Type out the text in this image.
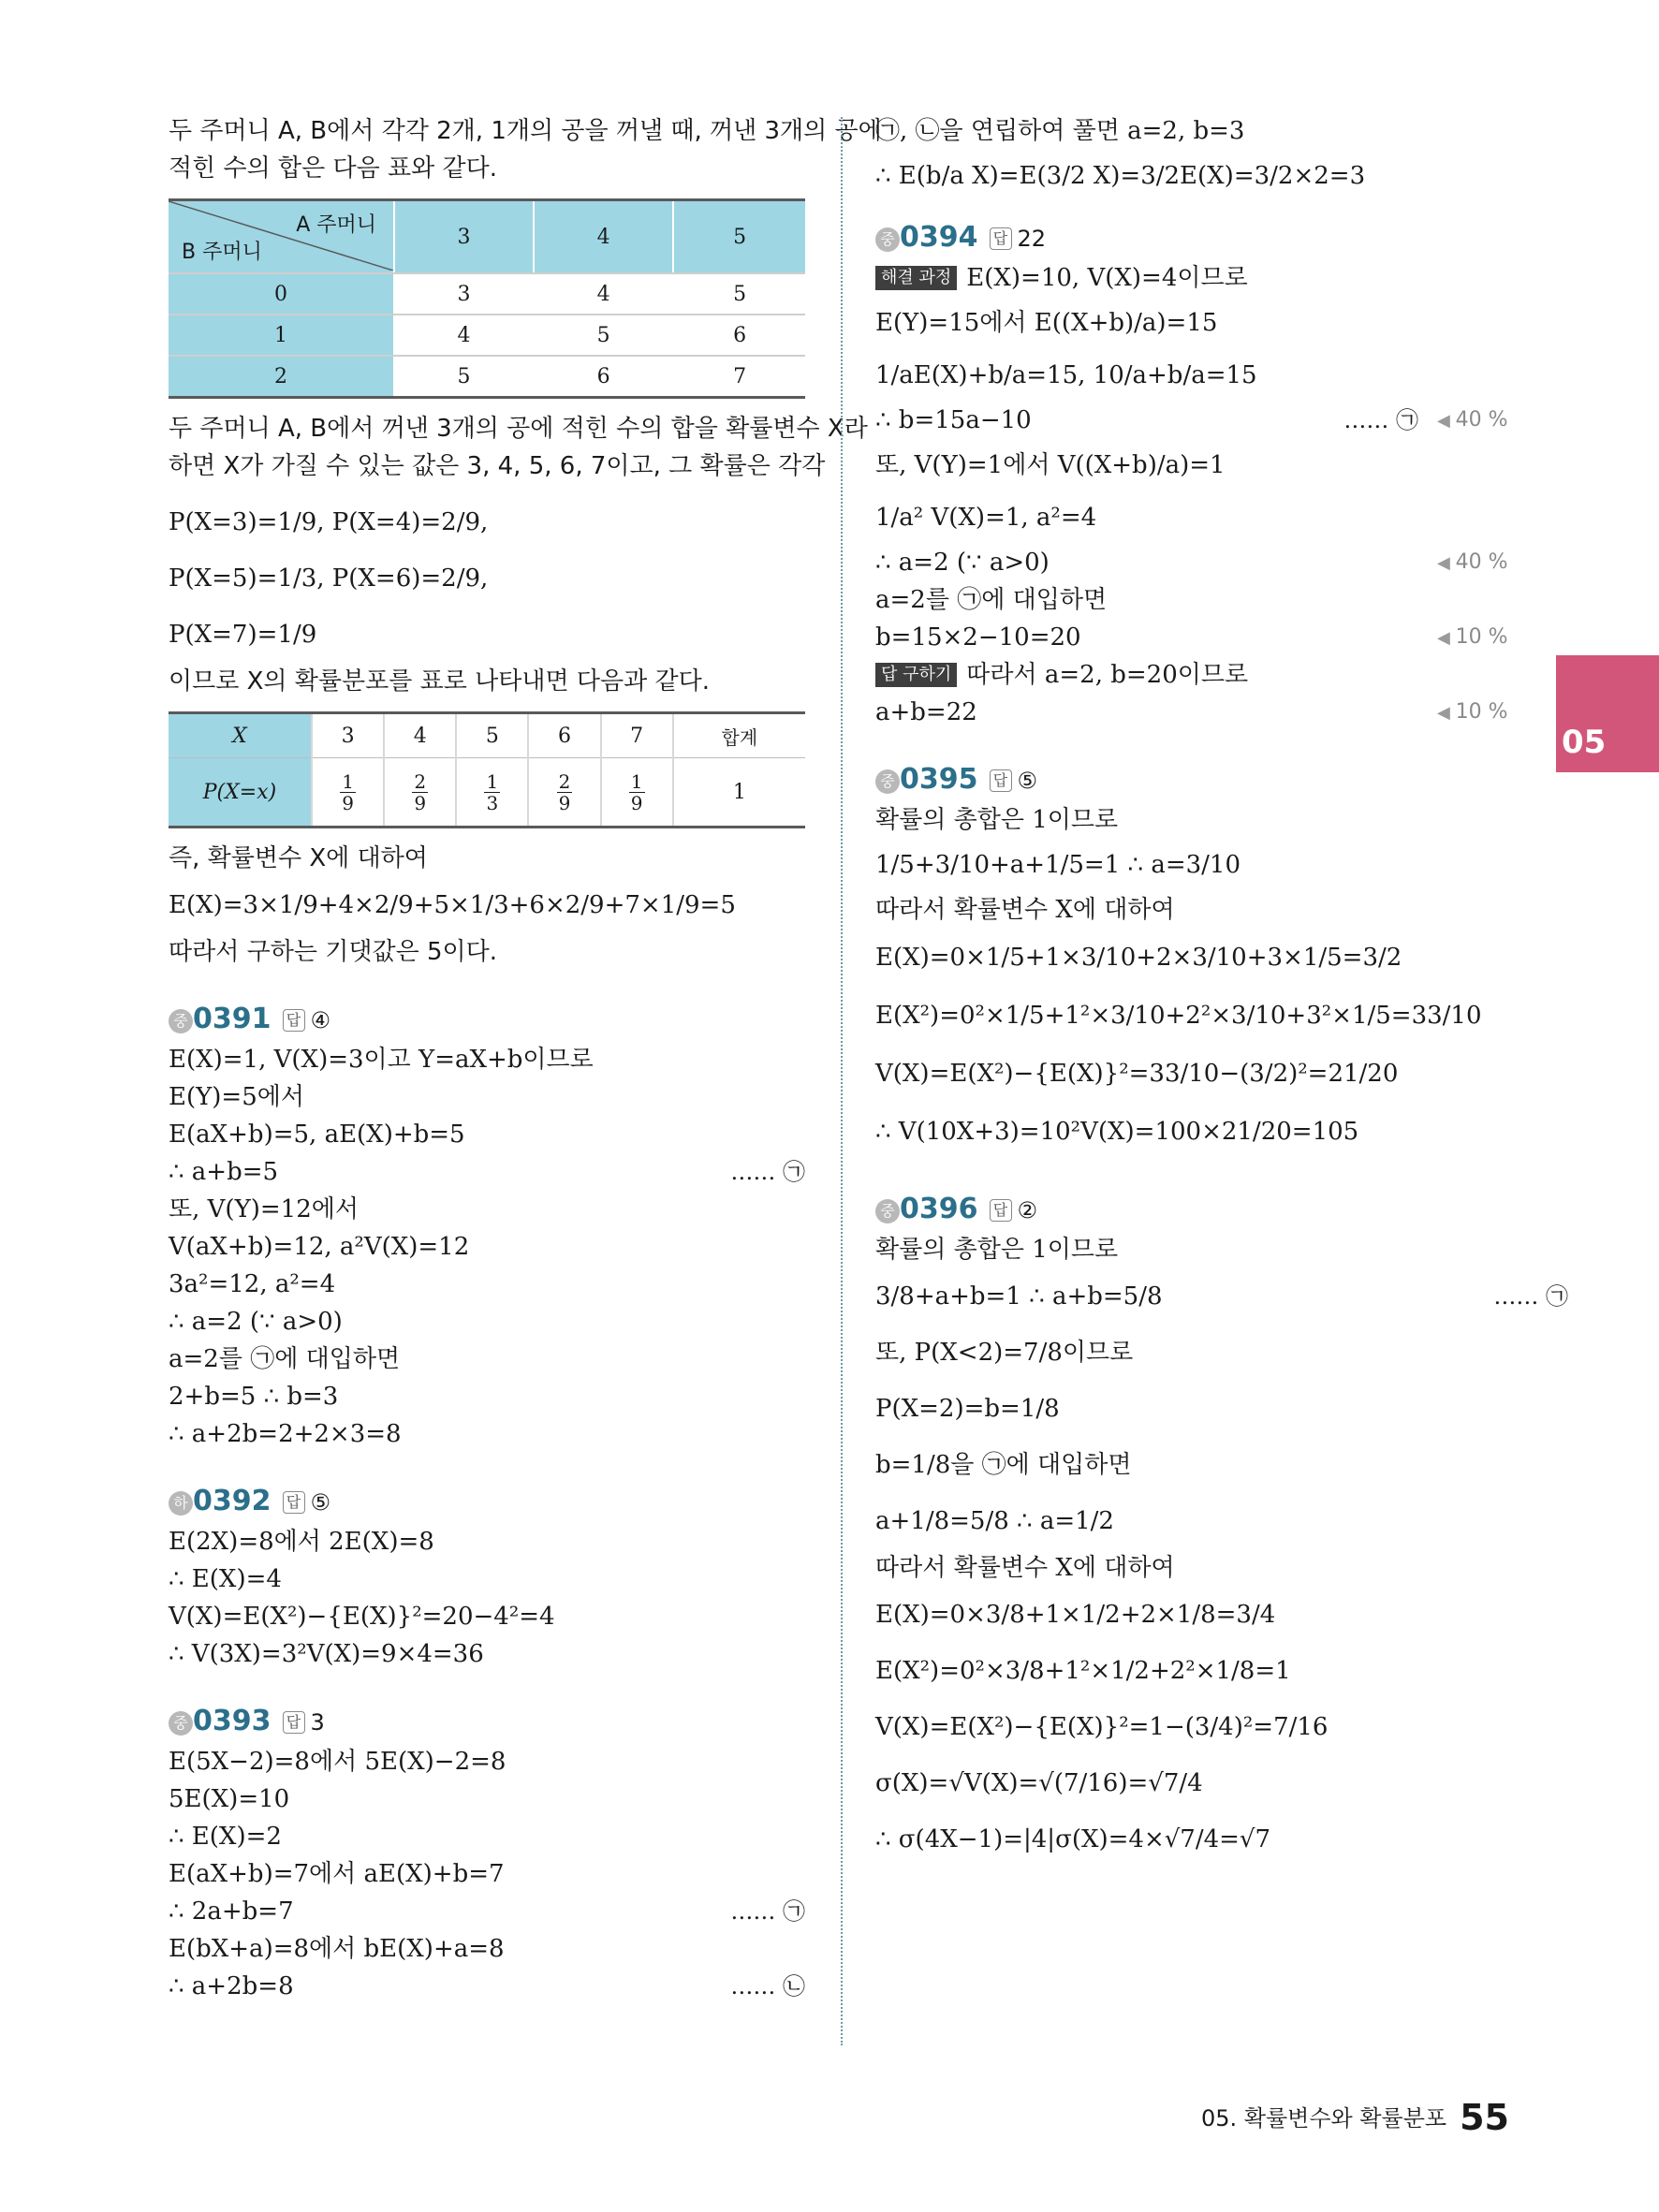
두 주머니 A, B에서 각각 2개, 1개의 공을 꺼낼 때, 꺼낸 3개의 공에
적힌 수의 합은 다음 표와 같다.
A 주머니
B 주머니	3	4	5
0	3	4	5
1	4	5	6
2	5	6	7
두 주머니 A, B에서 꺼낸 3개의 공에 적힌 수의 합을 확률변수 X라
하면 X가 가질 수 있는 값은 3, 4, 5, 6, 7이고, 그 확률은 각각
P(X=3)=1/9, P(X=4)=2/9,
P(X=5)=1/3, P(X=6)=2/9,
P(X=7)=1/9
이므로 X의 확률분포를 표로 나타내면 다음과 같다.
X	3	4	5	6	7	합계
P(X=x)	$\frac{1}{9}$	$\frac{2}{9}$	$\frac{1}{3}$	$\frac{2}{9}$	$\frac{1}{9}$	1
즉, 확률변수 X에 대하여
E(X)=3×1/9+4×2/9+5×1/3+6×2/9+7×1/9=5
따라서 구하는 기댓값은 5이다.
중 0391 답 ④
E(X)=1, V(X)=3이고 Y=aX+b이므로
E(Y)=5에서
E(aX+b)=5, aE(X)+b=5
∴ a+b=5	…… ㉠
또, V(Y)=12에서
V(aX+b)=12, a²V(X)=12
3a²=12, a²=4
∴ a=2 (∵ a>0)
a=2를 ㉠에 대입하면
2+b=5 ∴ b=3
∴ a+2b=2+2×3=8
하 0392 답 ⑤
E(2X)=8에서 2E(X)=8
∴ E(X)=4
V(X)=E(X²)−{E(X)}²=20−4²=4
∴ V(3X)=3²V(X)=9×4=36
중 0393 답 3
E(5X−2)=8에서 5E(X)−2=8
5E(X)=10
∴ E(X)=2
E(aX+b)=7에서 aE(X)+b=7
∴ 2a+b=7	…… ㉠
E(bX+a)=8에서 bE(X)+a=8
∴ a+2b=8	…… ㉡
㉠, ㉡을 연립하여 풀면 a=2, b=3
∴ E(b/a X)=E(3/2 X)=3/2E(X)=3/2×2=3
중 0394 답 22
해결 과정 E(X)=10, V(X)=4이므로
E(Y)=15에서 E((X+b)/a)=15
1/aE(X)+b/a=15, 10/a+b/a=15
∴ b=15a−10	…… ㉠	◀ 40 %
또, V(Y)=1에서 V((X+b)/a)=1
1/a² V(X)=1, a²=4
∴ a=2 (∵ a>0)	◀ 40 %
a=2를 ㉠에 대입하면
b=15×2−10=20	◀ 10 %
답 구하기 따라서 a=2, b=20이므로
a+b=22	◀ 10 %
중 0395 답 ⑤
확률의 총합은 1이므로
1/5+3/10+a+1/5=1 ∴ a=3/10
따라서 확률변수 X에 대하여
E(X)=0×1/5+1×3/10+2×3/10+3×1/5=3/2
E(X²)=0²×1/5+1²×3/10+2²×3/10+3²×1/5=33/10
V(X)=E(X²)−{E(X)}²=33/10−(3/2)²=21/20
∴ V(10X+3)=10²V(X)=100×21/20=105
중 0396 답 ②
확률의 총합은 1이므로
3/8+a+b=1 ∴ a+b=5/8	…… ㉠
또, P(X<2)=7/8이므로
P(X=2)=b=1/8
b=1/8을 ㉠에 대입하면
a+1/8=5/8 ∴ a=1/2
따라서 확률변수 X에 대하여
E(X)=0×3/8+1×1/2+2×1/8=3/4
E(X²)=0²×3/8+1²×1/2+2²×1/8=1
V(X)=E(X²)−{E(X)}²=1−(3/4)²=7/16
σ(X)=√V(X)=√(7/16)=√7/4
∴ σ(4X−1)=|4|σ(X)=4×√7/4=√7
05
05. 확률변수와 확률분포 55
